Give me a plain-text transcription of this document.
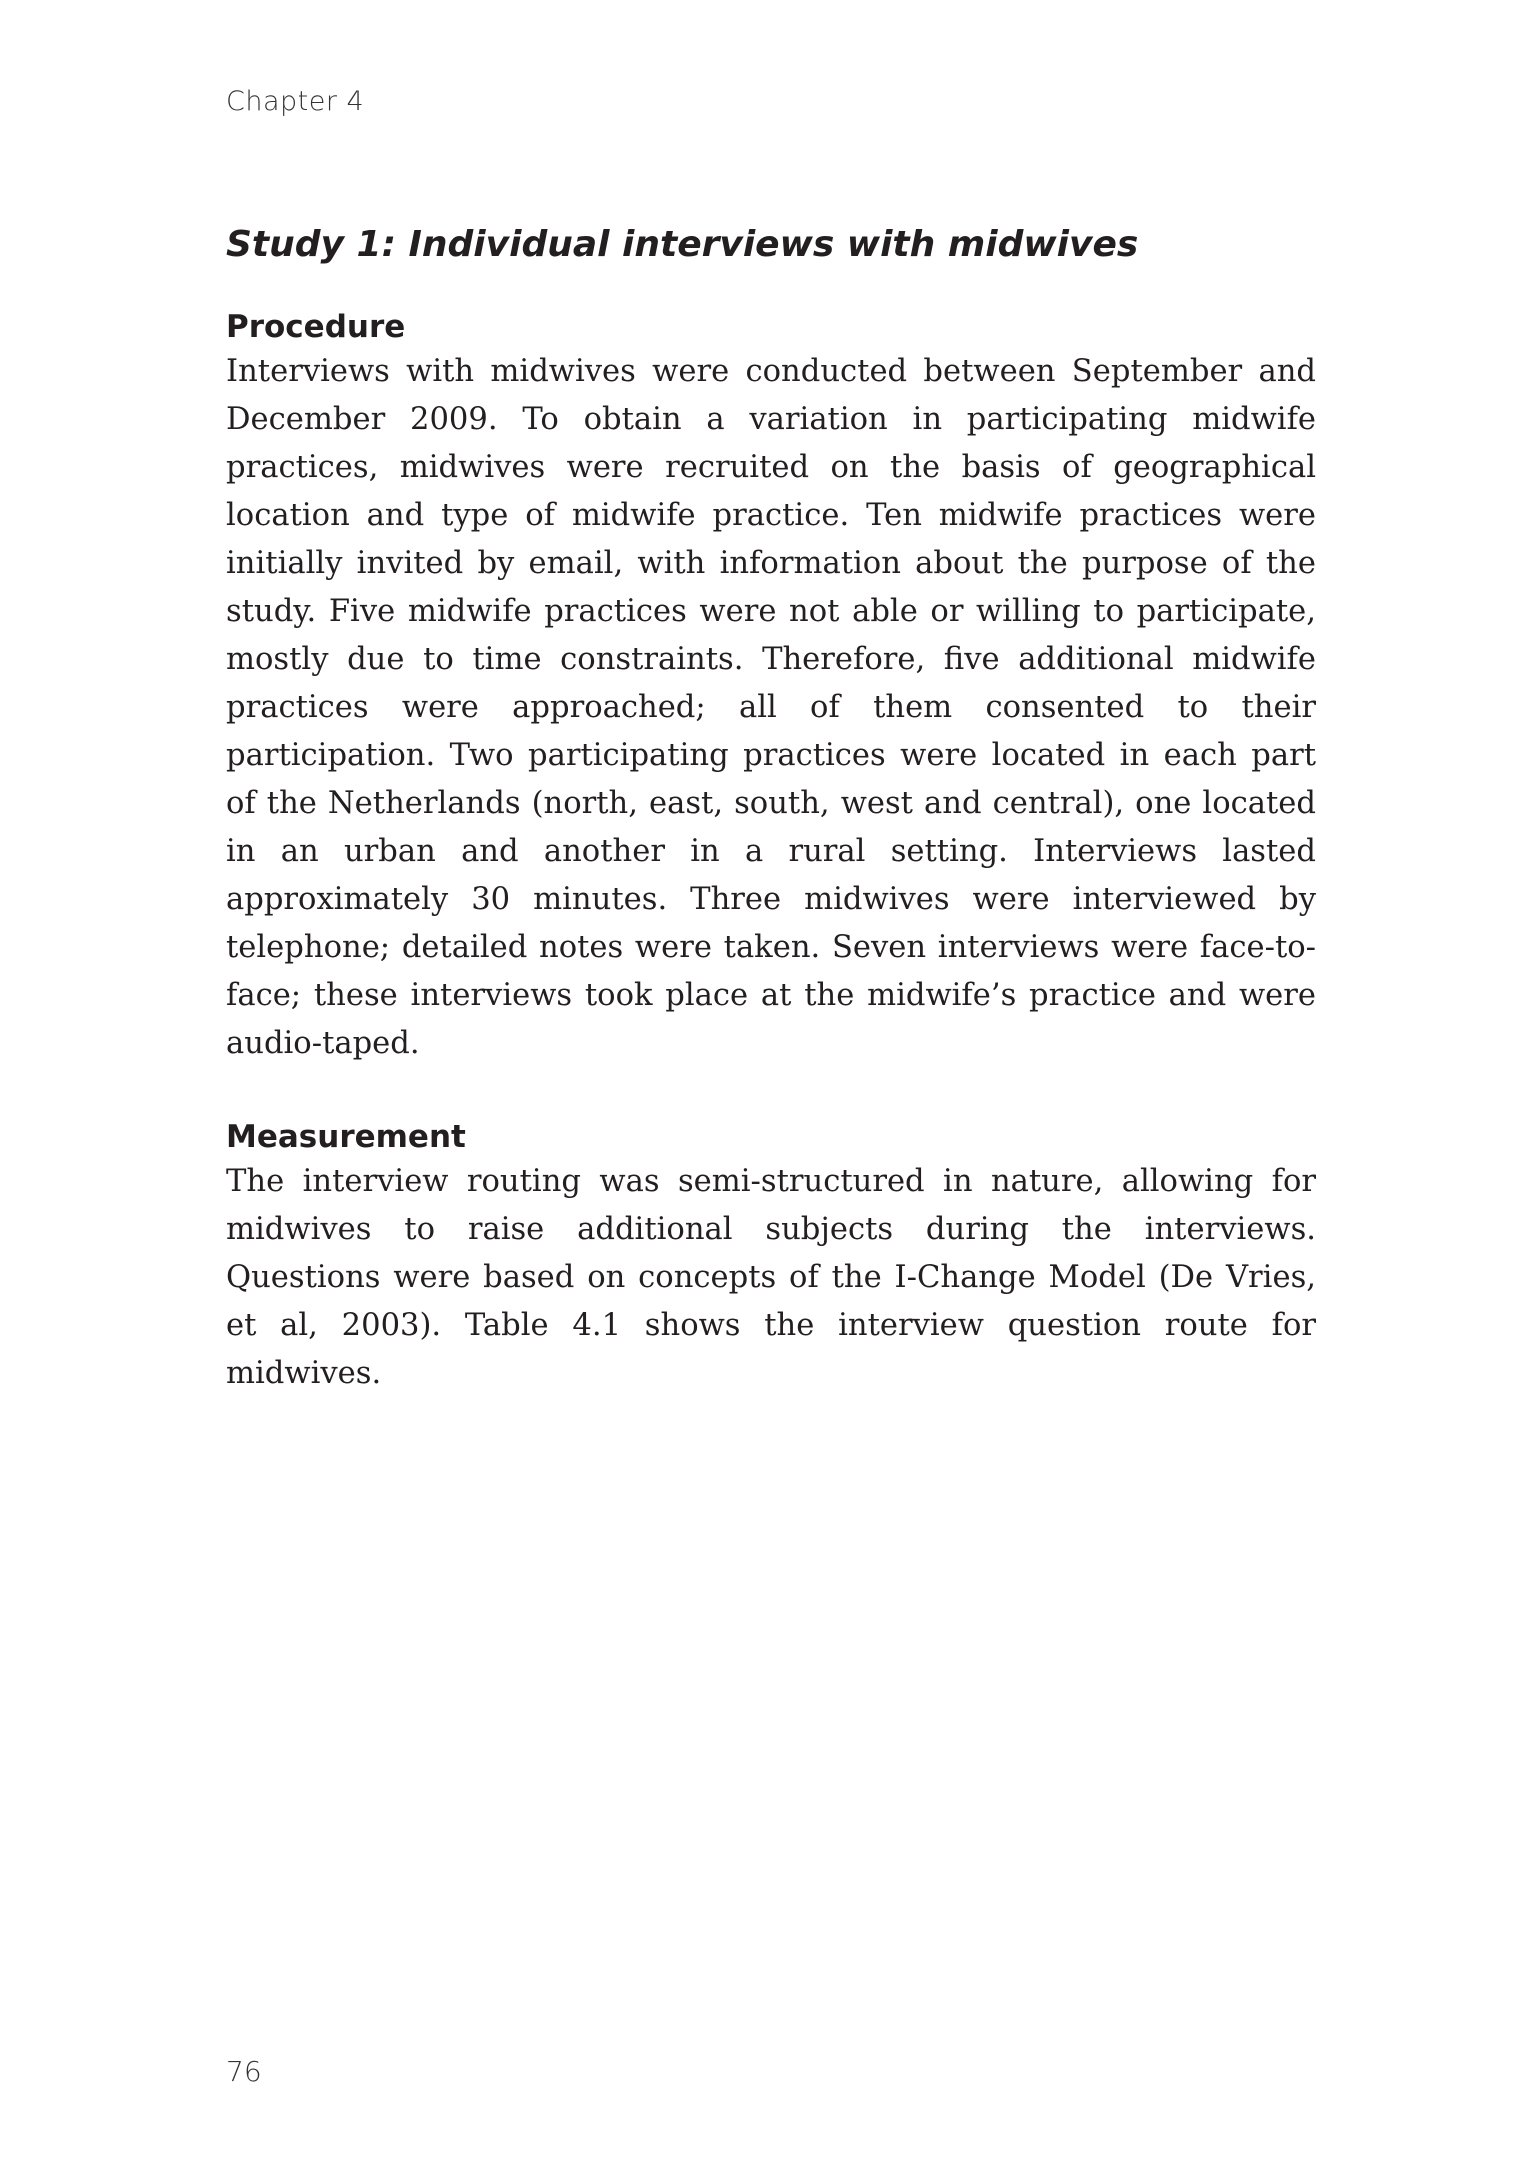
Chapter 4
Study 1: Individual interviews with midwives
Procedure

Interviews with midwives were conducted between September and December 2009. To obtain a variation in participating midwife practices, midwives were recruited on the basis of geographical location and type of midwife practice. Ten midwife practices were initially invited by email, with information about the purpose of the study. Five midwife practices were not able or willing to participate, mostly due to time constraints. Therefore, five additional midwife practices were approached; all of them consented to their participation. Two participating practices were located in each part of the Netherlands (north, east, south, west and central), one located in an urban and another in a rural setting. Interviews lasted approximately 30 minutes. Three midwives were interviewed by telephone; detailed notes were taken. Seven interviews were face-to-face; these interviews took place at the midwife’s practice and were audio-taped.

Measurement

The interview routing was semi-structured in nature, allowing for midwives to raise additional subjects during the interviews. Questions were based on concepts of the I-Change Model (De Vries, et al, 2003). Table 4.1 shows the interview question route for midwives.

76
